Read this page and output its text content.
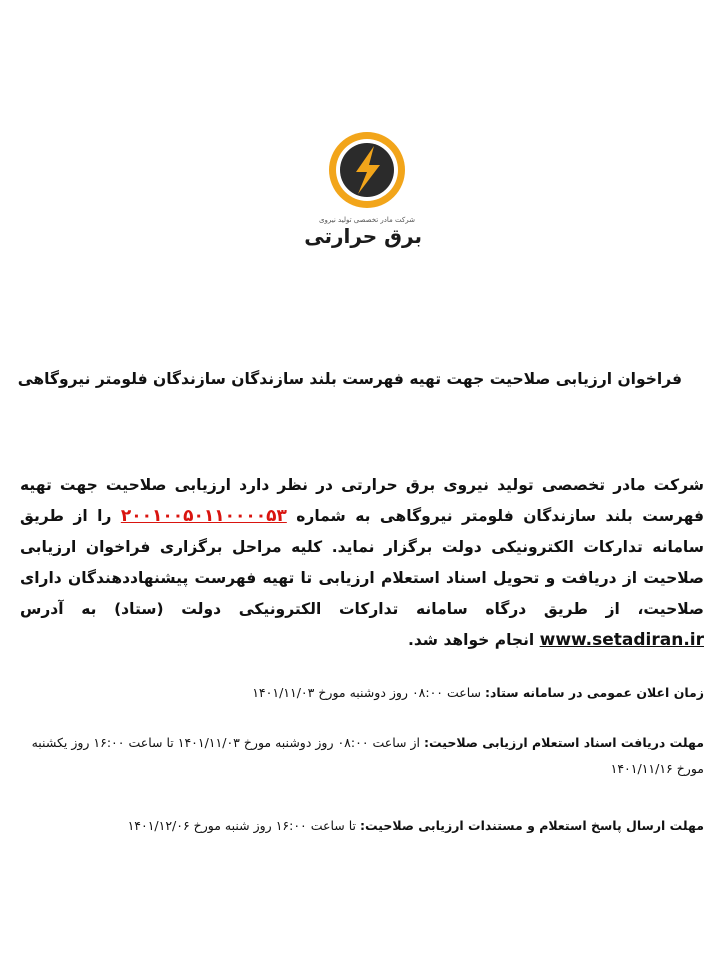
شرکت مادر تخصصی تولید نیروی
برق حرارتی
فراخوان ارزیابی صلاحیت جهت تهیه فهرست بلند سازندگان سازندگان فلومتر نیروگاهی
شرکت مادر تخصصی تولید نیروی برق حرارتی در نظر دارد ارزیابی صلاحیت جهت تهیه فهرست بلند سازندگان فلومتر نیروگاهی به شماره ۲۰۰۱۰۰۵۰۱۱۰۰۰۰۵۳ را از طریق سامانه تدارکات الکترونیکی دولت برگزار نماید. کلیه مراحل برگزاری فراخوان ارزیابی صلاحیت از دریافت و تحویل اسناد استعلام ارزیابی تا تهیه فهرست پیشنهاددهندگان دارای صلاحیت، از طریق درگاه سامانه تدارکات الکترونیکی دولت (ستاد) به آدرس www.setadiran.ir انجام خواهد شد.
زمان اعلان عمومی در سامانه ستاد: ساعت ۰۸:۰۰ روز دوشنبه مورخ ۱۴۰۱/۱۱/۰۳
مهلت دریافت اسناد استعلام ارزیابی صلاحیت: از ساعت ۰۸:۰۰ روز دوشنبه مورخ ۱۴۰۱/۱۱/۰۳ تا ساعت ۱۶:۰۰ روز یکشنبه مورخ ۱۴۰۱/۱۱/۱۶
مهلت ارسال پاسخ استعلام و مستندات ارزیابی صلاحیت: تا ساعت ۱۶:۰۰ روز شنبه مورخ ۱۴۰۱/۱۲/۰۶
